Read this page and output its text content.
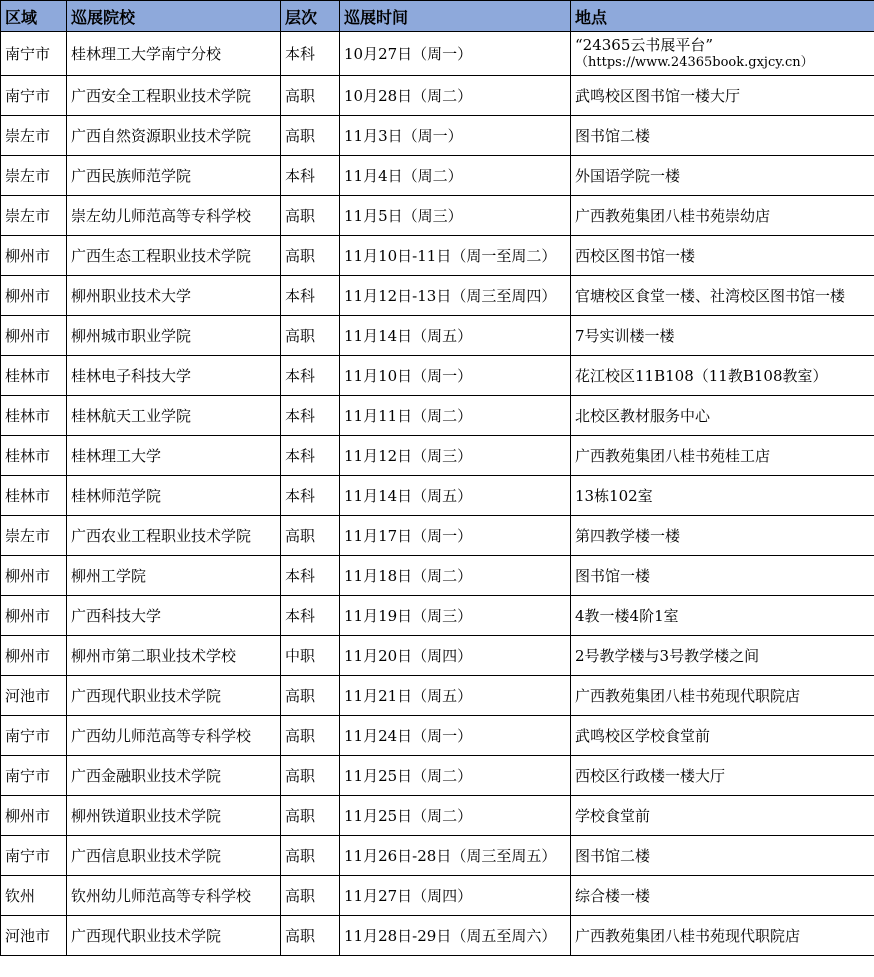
区域	巡展院校	层次	巡展时间	地点
南宁市	桂林理工大学南宁分校	本科	10月27日（周一）	“24365云书展平台”
（https://www.24365book.gxjcy.cn）

南宁市	广西安全工程职业技术学院	高职	10月28日（周二）	武鸣校区图书馆一楼大厅
崇左市	广西自然资源职业技术学院	高职	11月3日（周一）	图书馆二楼
崇左市	广西民族师范学院	本科	11月4日（周二）	外国语学院一楼
崇左市	崇左幼儿师范高等专科学校	高职	11月5日（周三）	广西教苑集团八桂书苑崇幼店
柳州市	广西生态工程职业技术学院	高职	11月10日-11日（周一至周二）	西校区图书馆一楼
柳州市	柳州职业技术大学	本科	11月12日-13日（周三至周四）	官塘校区食堂一楼、社湾校区图书馆一楼
柳州市	柳州城市职业学院	高职	11月14日（周五）	7号实训楼一楼
桂林市	桂林电子科技大学	本科	11月10日（周一）	花江校区11B108（11教B108教室）
桂林市	桂林航天工业学院	本科	11月11日（周二）	北校区教材服务中心
桂林市	桂林理工大学	本科	11月12日（周三）	广西教苑集团八桂书苑桂工店
桂林市	桂林师范学院	本科	11月14日（周五）	13栋102室
崇左市	广西农业工程职业技术学院	高职	11月17日（周一）	第四教学楼一楼
柳州市	柳州工学院	本科	11月18日（周二）	图书馆一楼
柳州市	广西科技大学	本科	11月19日（周三）	4教一楼4阶1室
柳州市	柳州市第二职业技术学校	中职	11月20日（周四）	2号教学楼与3号教学楼之间
河池市	广西现代职业技术学院	高职	11月21日（周五）	广西教苑集团八桂书苑现代职院店
南宁市	广西幼儿师范高等专科学校	高职	11月24日（周一）	武鸣校区学校食堂前
南宁市	广西金融职业技术学院	高职	11月25日（周二）	西校区行政楼一楼大厅
柳州市	柳州铁道职业技术学院	高职	11月25日（周二）	学校食堂前
南宁市	广西信息职业技术学院	高职	11月26日-28日（周三至周五）	图书馆二楼
钦州	钦州幼儿师范高等专科学校	高职	11月27日（周四）	综合楼一楼
河池市	广西现代职业技术学院	高职	11月28日-29日（周五至周六）	广西教苑集团八桂书苑现代职院店
